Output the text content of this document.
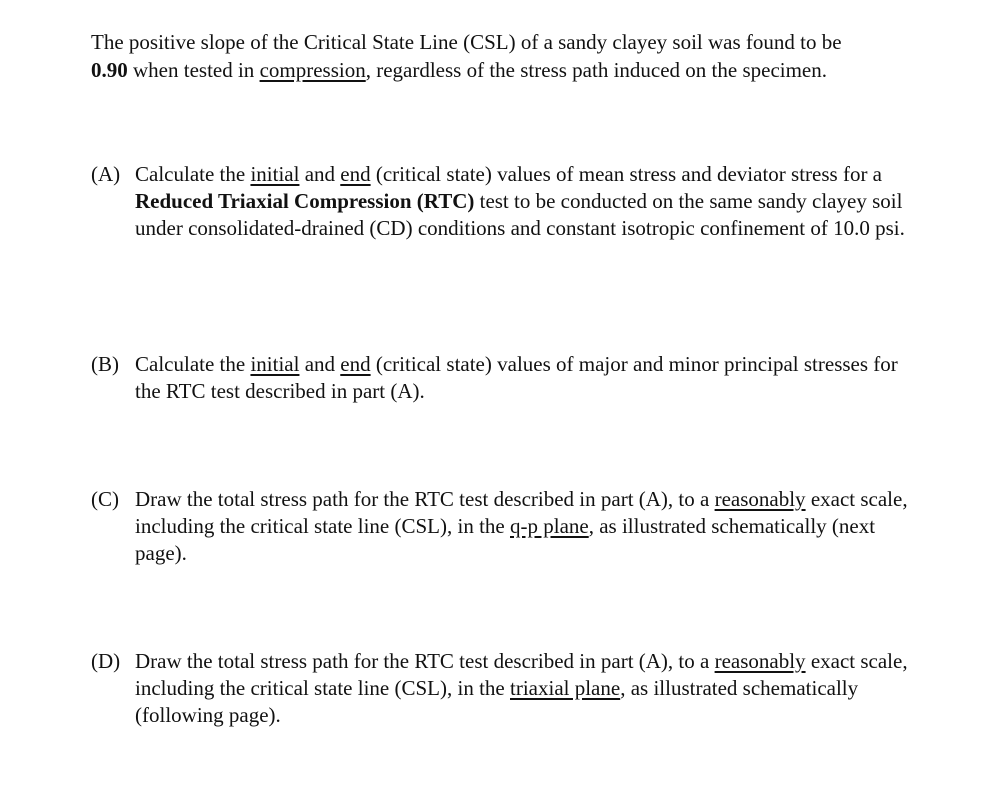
The positive slope of the Critical State Line (CSL) of a sandy clayey soil was found to be
0.90 when tested in compression, regardless of the stress path induced on the specimen.
(A) Calculate the initial and end (critical state) values of mean stress and deviator stress for a Reduced Triaxial Compression (RTC) test to be conducted on the same sandy clayey soil under consolidated-drained (CD) conditions and constant isotropic confinement of 10.0 psi.
(B) Calculate the initial and end (critical state) values of major and minor principal stresses for the RTC test described in part (A).
(C) Draw the total stress path for the RTC test described in part (A), to a reasonably exact scale, including the critical state line (CSL), in the q-p plane, as illustrated schematically (next page).
(D) Draw the total stress path for the RTC test described in part (A), to a reasonably exact scale, including the critical state line (CSL), in the triaxial plane, as illustrated schematically (following page).
